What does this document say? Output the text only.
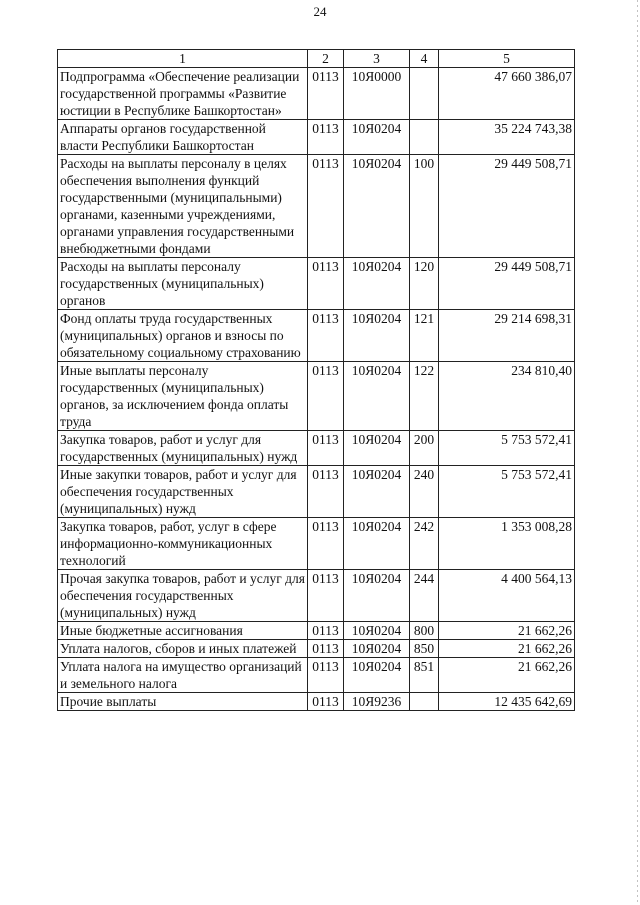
24
1	2	3	4	5
Подпрограмма «Обеспечение реализации государственной программы «Развитие юстиции в Республике Башкортостан»	0113	10Я0000		47 660 386,07
Аппараты органов государственной власти Республики Башкортостан	0113	10Я0204		35 224 743,38
Расходы на выплаты персоналу в целях обеспечения выполнения функций государственными (муниципальными) органами, казенными учреждениями, органами управления государственными внебюджетными фондами	0113	10Я0204	100	29 449 508,71
Расходы на выплаты персоналу государственных (муниципальных) органов	0113	10Я0204	120	29 449 508,71
Фонд оплаты труда государственных (муниципальных) органов и взносы по обязательному социальному страхованию	0113	10Я0204	121	29 214 698,31
Иные выплаты персоналу государственных (муниципальных) органов, за исключением фонда оплаты труда	0113	10Я0204	122	234 810,40
Закупка товаров, работ и услуг для государственных (муниципальных) нужд	0113	10Я0204	200	5 753 572,41
Иные закупки товаров, работ и услуг для обеспечения государственных (муниципальных) нужд	0113	10Я0204	240	5 753 572,41
Закупка товаров, работ, услуг в сфере информационно-коммуникационных технологий	0113	10Я0204	242	1 353 008,28
Прочая закупка товаров, работ и услуг для обеспечения государственных (муниципальных) нужд	0113	10Я0204	244	4 400 564,13
Иные бюджетные ассигнования	0113	10Я0204	800	21 662,26
Уплата налогов, сборов и иных платежей	0113	10Я0204	850	21 662,26
Уплата налога на имущество организаций и земельного налога	0113	10Я0204	851	21 662,26
Прочие выплаты	0113	10Я9236		12 435 642,69
